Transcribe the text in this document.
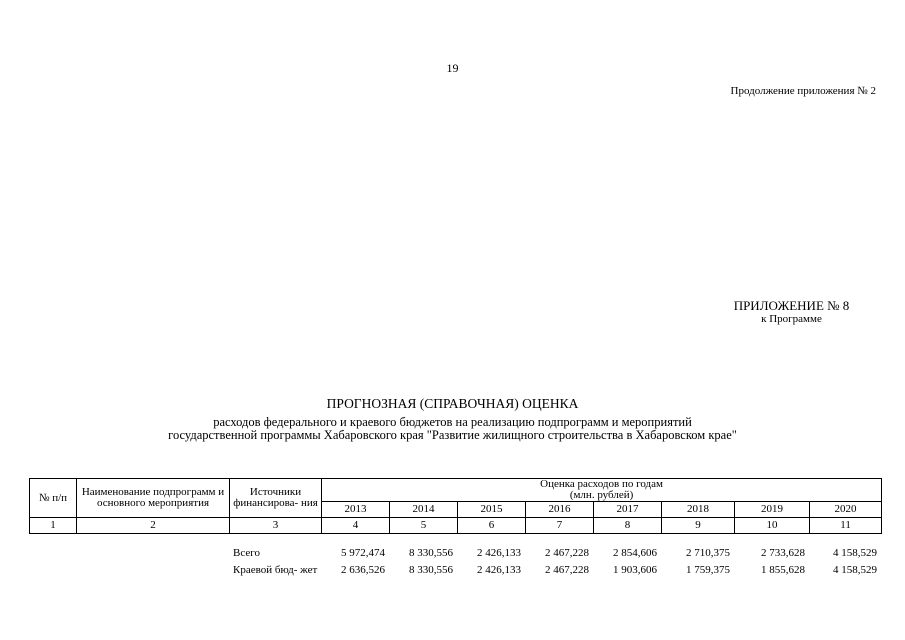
19
Продолжение приложения № 2
ПРИЛОЖЕНИЕ № 8
к Программе
ПРОГНОЗНАЯ (СПРАВОЧНАЯ) ОЦЕНКА
расходов федерального и краевого бюджетов на реализацию подпрограмм и мероприятий
государственной программы Хабаровского края "Развитие жилищного строительства в Хабаровском крае"
№ п/п	Наименование подпрограмм и основного мероприятия	Источники финансирова- ния	Оценка расходов по годам
(млн. рублей)							

			2013	2014	2015	2016	2017	2018	2019	2020
1	2	3	4	5	6	7	8	9	10	11
		Всего	5 972,474	8 330,556	2 426,133	2 467,228	2 854,606	2 710,375	2 733,628	4 158,529
		Краевой бюд- жет	2 636,526	8 330,556	2 426,133	2 467,228	1 903,606	1 759,375	1 855,628	4 158,529
